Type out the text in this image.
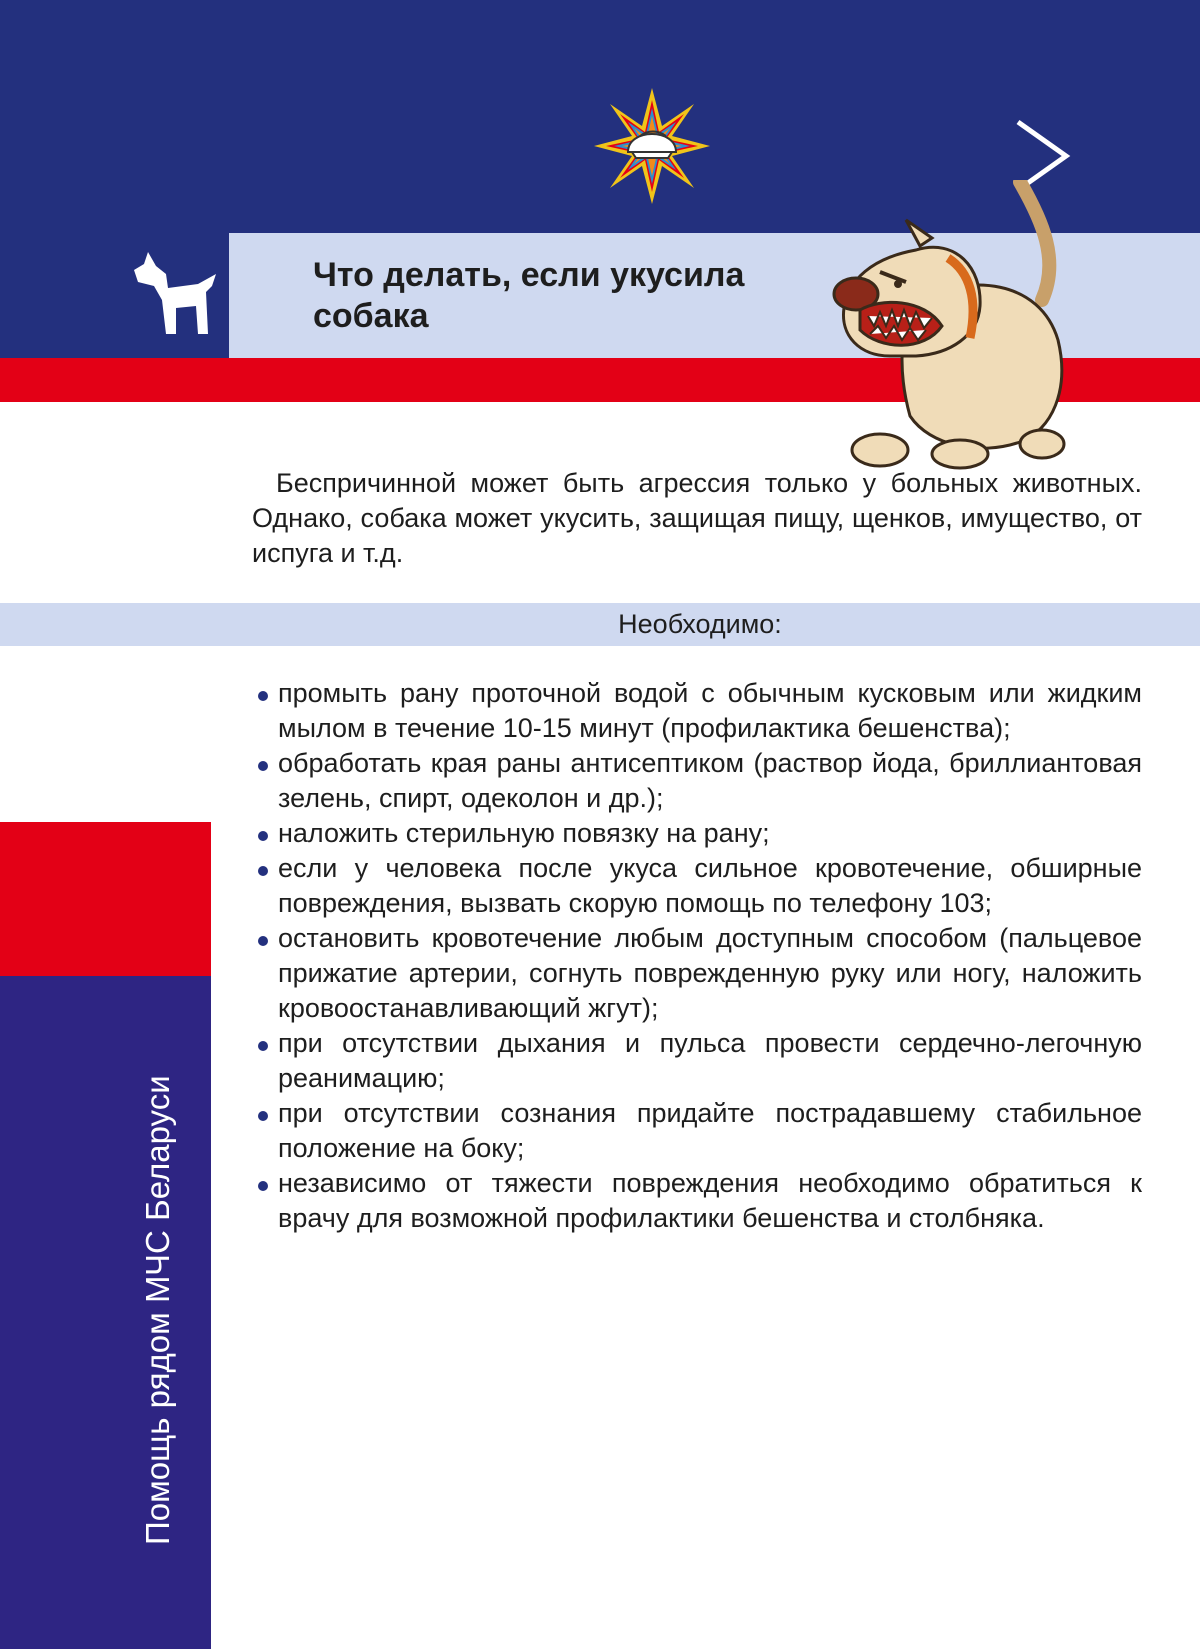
Что делать, если укусила собака

Беспричинной может быть агрессия только у больных животных. Однако, собака может укусить, защищая пищу, щенков, имущество, от испуга и т.д.

Необходимо:
Помощь рядом МЧС Беларуси
промыть рану проточной водой с обычным кусковым или жидким мылом в течение 10-15 минут (профилактика бешенства);
обработать края раны антисептиком (раствор йода, бриллиантовая зелень, спирт, одеколон и др.);
наложить стерильную повязку на рану;
если у человека после укуса сильное кровотечение, обширные повреждения, вызвать скорую помощь по телефону 103;
остановить кровотечение любым доступным способом (пальцевое прижатие артерии, согнуть поврежденную руку или ногу, наложить кровоостанавливающий жгут);
при отсутствии дыхания и пульса провести сердечно-легочную реанимацию;
при отсутствии сознания придайте пострадавшему стабильное положение на боку;
независимо от тяжести повреждения необходимо обратиться к врачу для возможной профилактики бешенства и столбняка.
